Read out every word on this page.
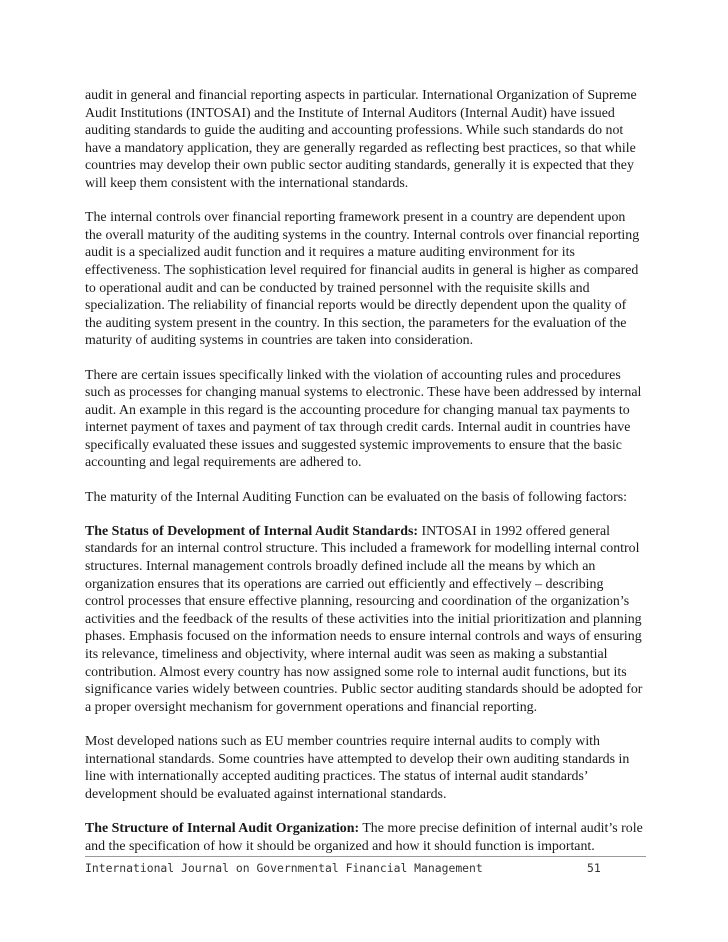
audit in general and financial reporting aspects in particular. International Organization of Supreme Audit Institutions (INTOSAI) and the Institute of Internal Auditors (Internal Audit) have issued auditing standards to guide the auditing and accounting professions. While such standards do not have a mandatory application, they are generally regarded as reflecting best practices, so that while countries may develop their own public sector auditing standards, generally it is expected that they will keep them consistent with the international standards.

The internal controls over financial reporting framework present in a country are dependent upon the overall maturity of the auditing systems in the country. Internal controls over financial reporting audit is a specialized audit function and it requires a mature auditing environment for its effectiveness. The sophistication level required for financial audits in general is higher as compared to operational audit and can be conducted by trained personnel with the requisite skills and specialization. The reliability of financial reports would be directly dependent upon the quality of the auditing system present in the country. In this section, the parameters for the evaluation of the maturity of auditing systems in countries are taken into consideration.

There are certain issues specifically linked with the violation of accounting rules and procedures such as processes for changing manual systems to electronic. These have been addressed by internal audit. An example in this regard is the accounting procedure for changing manual tax payments to internet payment of taxes and payment of tax through credit cards. Internal audit in countries have specifically evaluated these issues and suggested systemic improvements to ensure that the basic accounting and legal requirements are adhered to.

The maturity of the Internal Auditing Function can be evaluated on the basis of following factors:

The Status of Development of Internal Audit Standards: INTOSAI in 1992 offered general standards for an internal control structure. This included a framework for modelling internal control structures. Internal management controls broadly defined include all the means by which an organization ensures that its operations are carried out efficiently and effectively – describing control processes that ensure effective planning, resourcing and coordination of the organization’s activities and the feedback of the results of these activities into the initial prioritization and planning phases. Emphasis focused on the information needs to ensure internal controls and ways of ensuring its relevance, timeliness and objectivity, where internal audit was seen as making a substantial contribution. Almost every country has now assigned some role to internal audit functions, but its significance varies widely between countries. Public sector auditing standards should be adopted for a proper oversight mechanism for government operations and financial reporting.

Most developed nations such as EU member countries require internal audits to comply with international standards. Some countries have attempted to develop their own auditing standards in line with internationally accepted auditing practices. The status of internal audit standards’ development should be evaluated against international standards.

The Structure of Internal Audit Organization: The more precise definition of internal audit’s role and the specification of how it should be organized and how it should function is important.

International Journal on Governmental Financial Management	51
